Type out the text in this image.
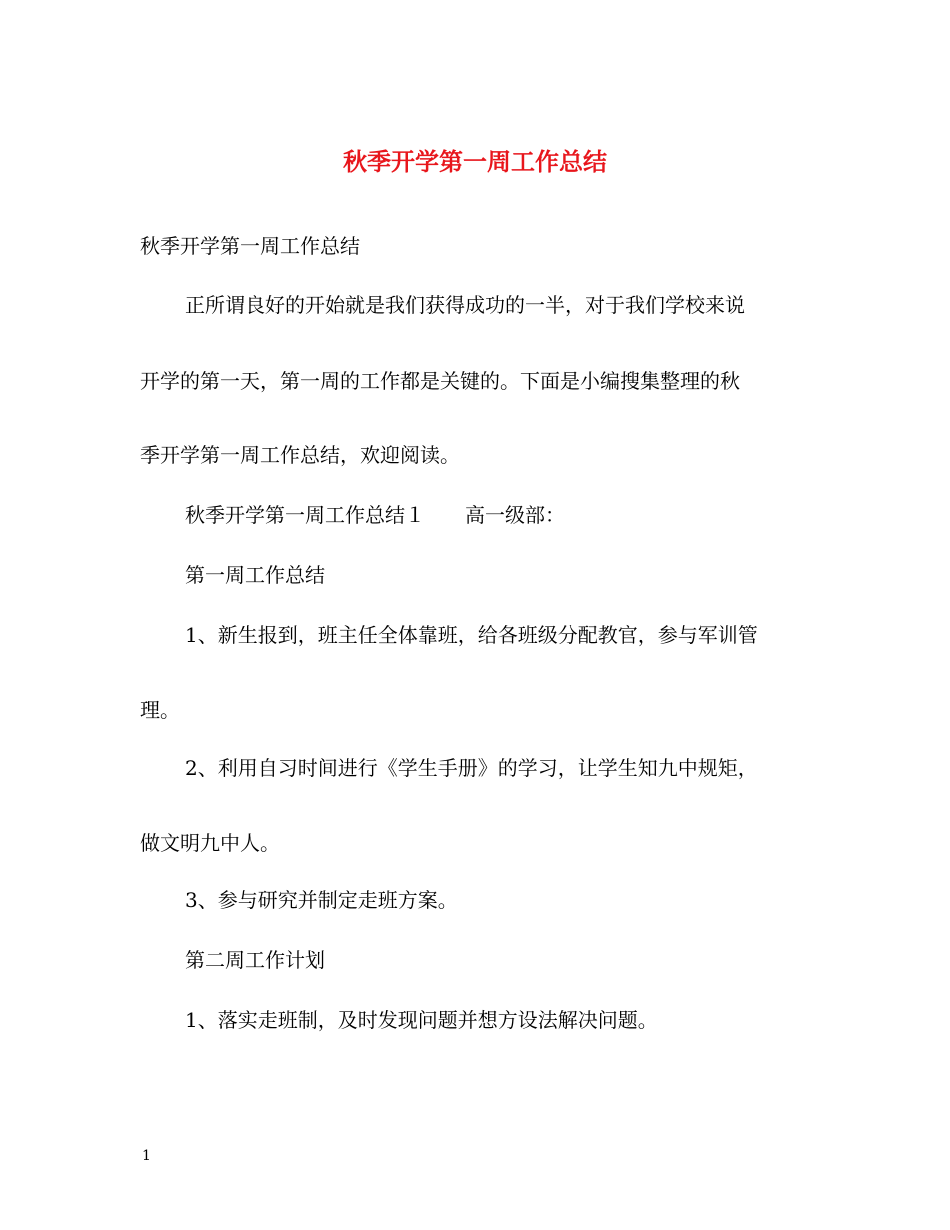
秋季开学第一周工作总结
秋季开学第一周工作总结
正所谓良好的开始就是我们获得成功的一半，对于我们学校来说
开学的第一天，第一周的工作都是关键的。下面是小编搜集整理的秋
季开学第一周工作总结，欢迎阅读。
秋季开学第一周工作总结１　　高一级部：
第一周工作总结
1、新生报到，班主任全体靠班，给各班级分配教官，参与军训管
理。
2、利用自习时间进行《学生手册》的学习，让学生知九中规矩，
做文明九中人。
3、参与研究并制定走班方案。
第二周工作计划
1、落实走班制，及时发现问题并想方设法解决问题。
1
